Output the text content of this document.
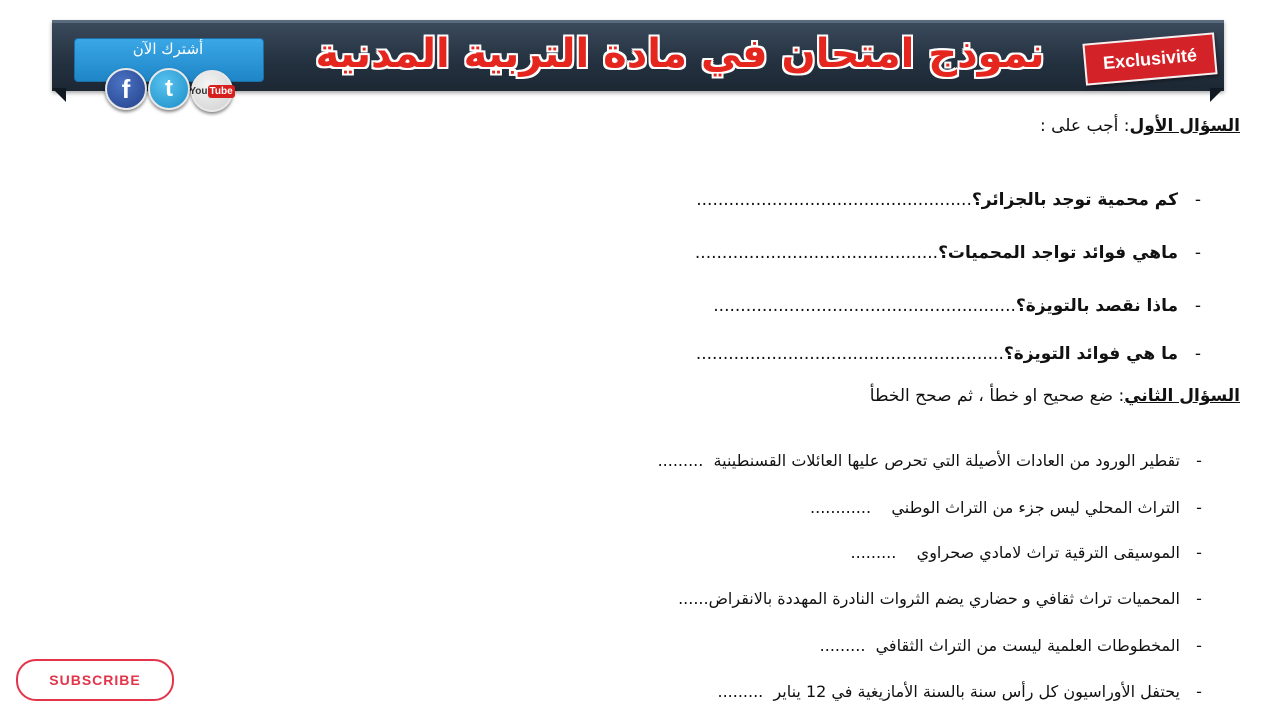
نموذج امتحان في مادة التربية المدنية	Exclusivité
أشترك الآن
f t You Tube
السؤال الأول: أجب على :
-كم محمية توجد بالجزائر؟...................................................
-ماهي فوائد تواجد المحميات؟.............................................
-ماذا نقصد بالتويزة؟........................................................
-ما هي فوائد التويزة؟.........................................................
السؤال الثاني: ضع صحيح او خطأ ، ثم صحح الخطأ
-تقطير الورود من العادات الأصيلة التي تحرص عليها العائلات القسنطينية  .........
-التراث المحلي ليس جزء من التراث الوطني    ............
-الموسيقى الترقية تراث لامادي صحراوي    .........
-المحميات تراث ثقافي و حضاري يضم الثروات النادرة المهددة بالانقراض......
-المخطوطات العلمية ليست من التراث الثقافي  .........
-يحتفل الأوراسيون كل رأس سنة بالسنة الأمازيغية في 12 يناير  .........
SUBSCRIBE
